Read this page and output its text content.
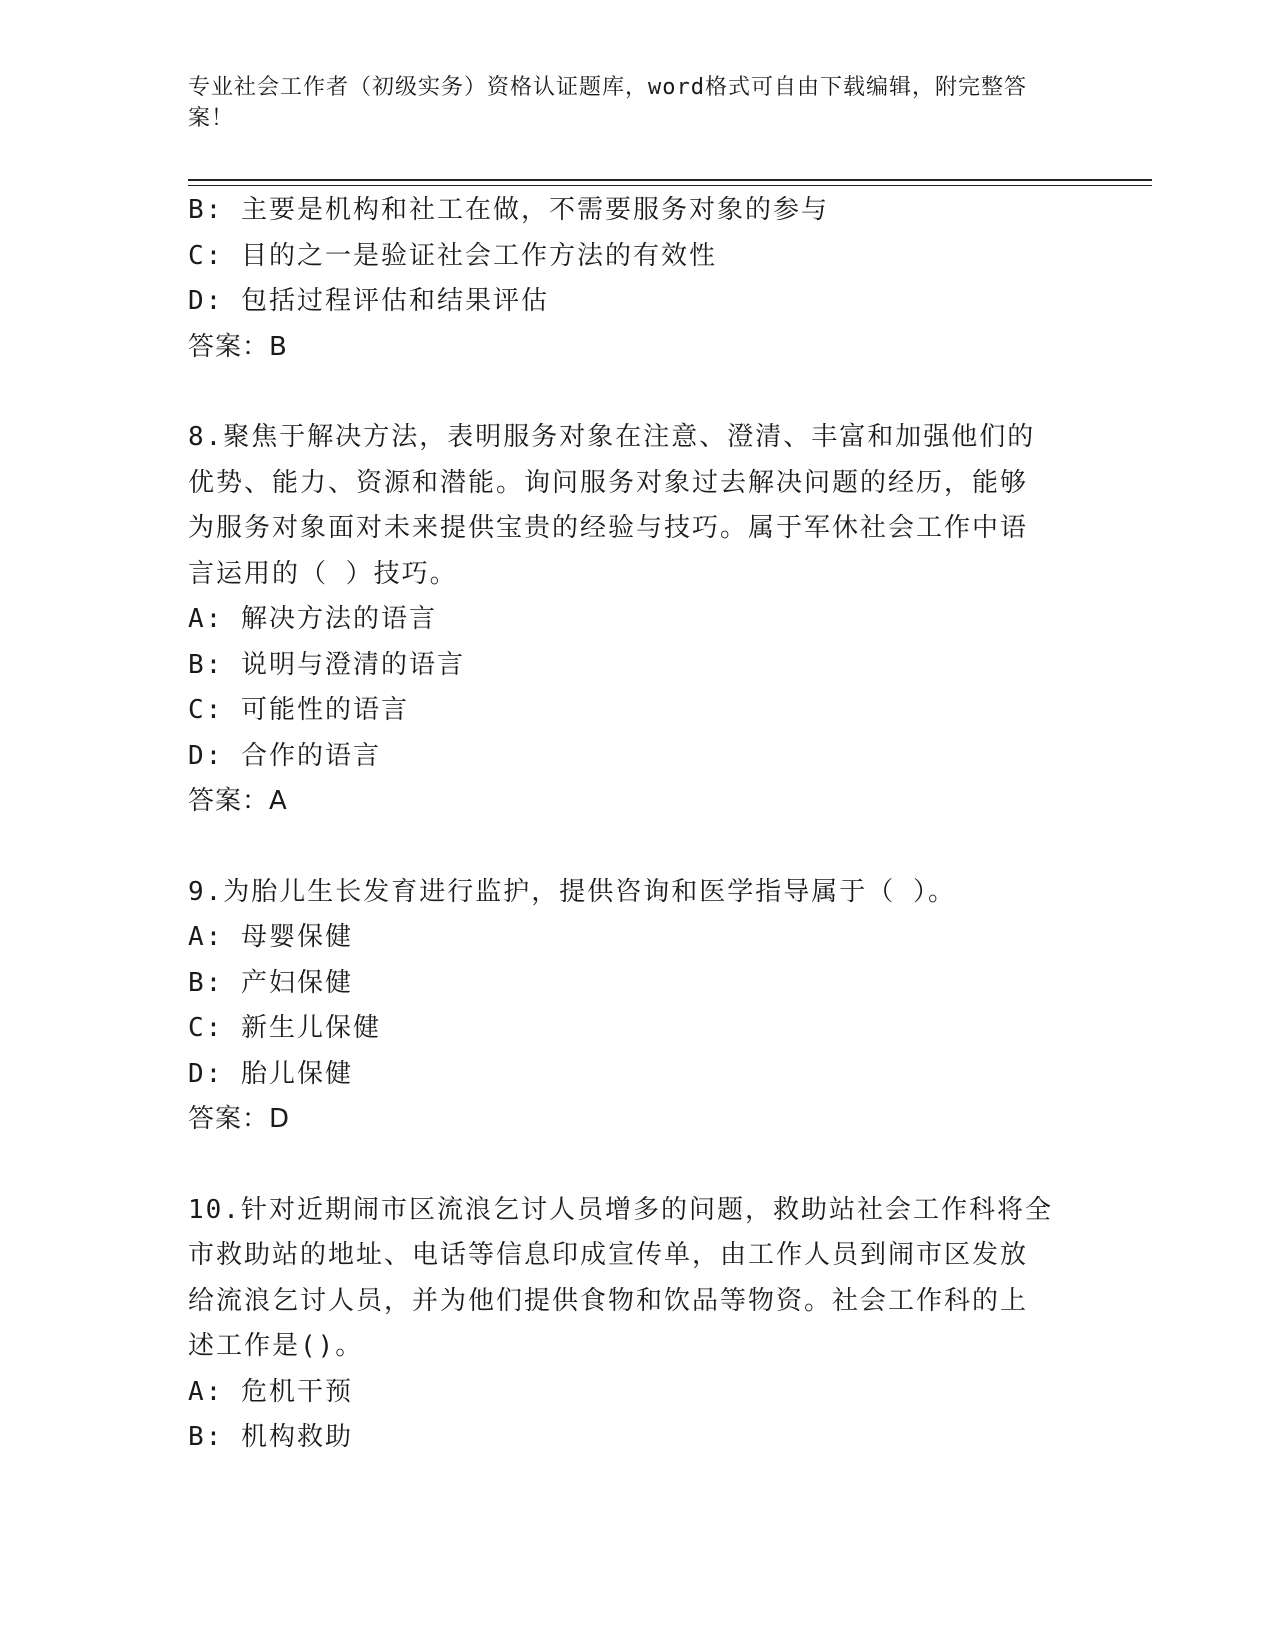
专业社会工作者（初级实务）资格认证题库，word格式可自由下载编辑，附完整答案！
B: 主要是机构和社工在做，不需要服务对象的参与
C: 目的之一是验证社会工作方法的有效性
D: 包括过程评估和结果评估
答案：B
8.聚焦于解决方法，表明服务对象在注意、澄清、丰富和加强他们的
优势、能力、资源和潜能。询问服务对象过去解决问题的经历，能够
为服务对象面对未来提供宝贵的经验与技巧。属于军休社会工作中语
言运用的（ ）技巧。
A: 解决方法的语言
B: 说明与澄清的语言
C: 可能性的语言
D: 合作的语言
答案：A
9.为胎儿生长发育进行监护，提供咨询和医学指导属于（ ）。
A: 母婴保健
B: 产妇保健
C: 新生儿保健
D: 胎儿保健
答案：D
10.针对近期闹市区流浪乞讨人员增多的问题，救助站社会工作科将全
市救助站的地址、电话等信息印成宣传单，由工作人员到闹市区发放
给流浪乞讨人员，并为他们提供食物和饮品等物资。社会工作科的上
述工作是()。
A: 危机干预
B: 机构救助
